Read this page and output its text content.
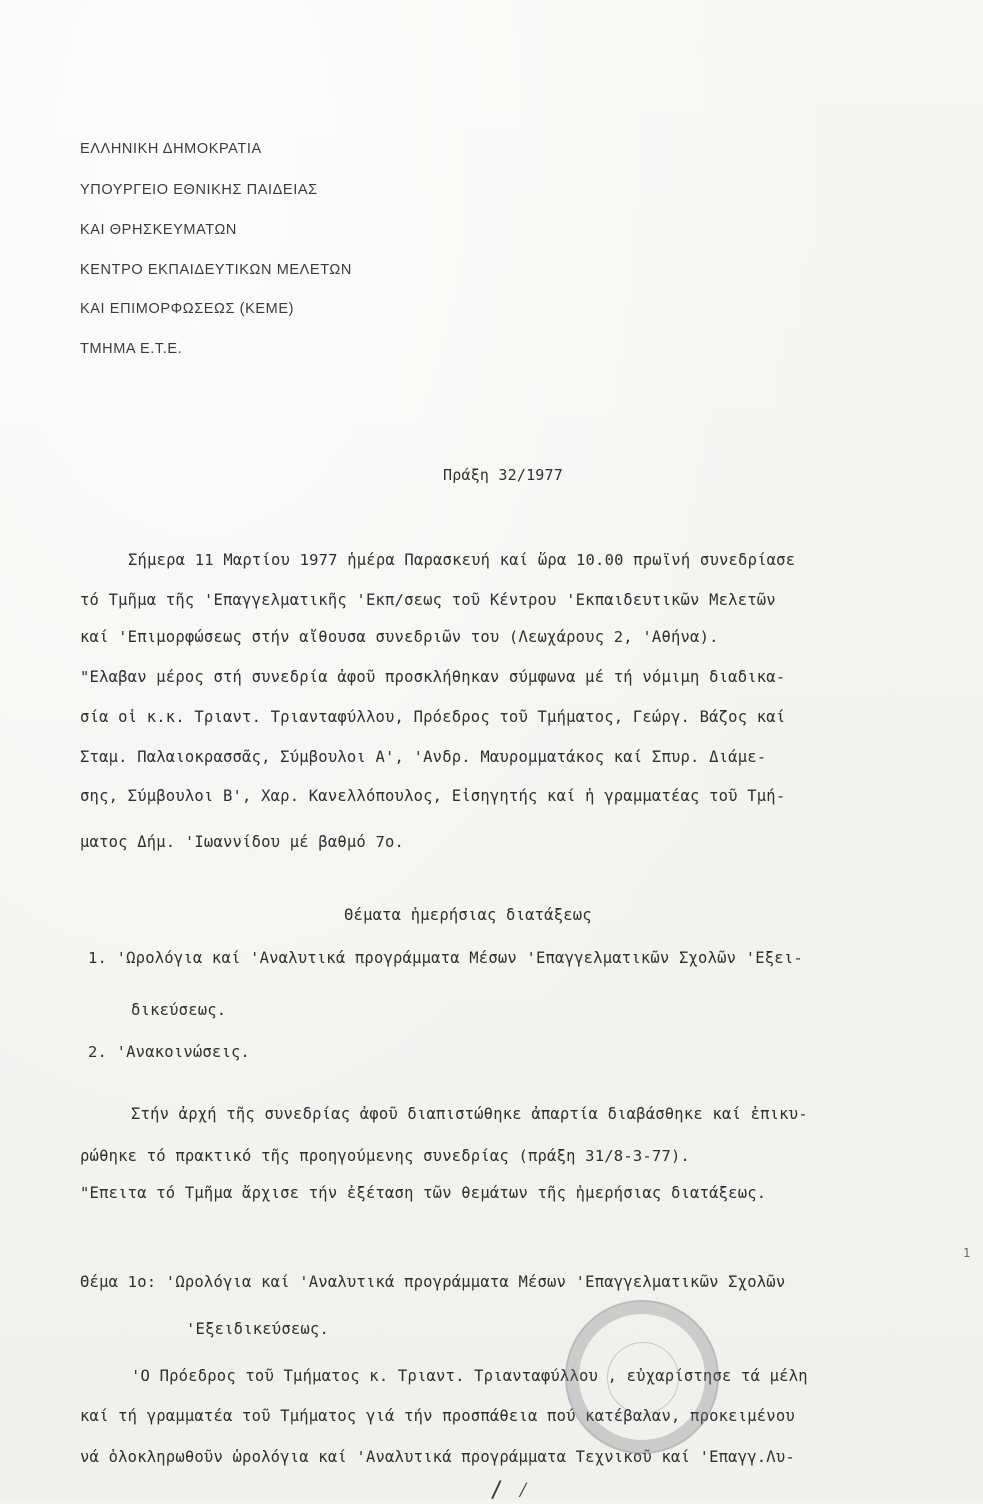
ΕΛΛΗΝΙΚΗ ΔΗΜΟΚΡΑΤΙΑ
ΥΠΟΥΡΓΕΙΟ ΕΘΝΙΚΗΣ ΠΑΙΔΕΙΑΣ
ΚΑΙ ΘΡΗΣΚΕΥΜΑΤΩΝ
ΚΕΝΤΡΟ ΕΚΠΑΙΔΕΥΤΙΚΩΝ ΜΕΛΕΤΩΝ
ΚΑΙ ΕΠΙΜΟΡΦΩΣΕΩΣ (ΚΕΜΕ)
ΤΜΗΜΑ Ε.Τ.Ε.
Πράξη 32/1977
Σήμερα 11 Μαρτίου 1977 ἡμέρα Παρασκευή καί ὥρα 10.00 πρωϊνή συνεδρίασε
τό Τμῆμα τῆς 'Επαγγελματικῆς 'Εκπ/σεως τοῦ Κέντρου 'Εκπαιδευτικῶν Μελετῶν
καί 'Επιμορφώσεως στήν αἴθουσα συνεδριῶν του (Λεωχάρους 2, 'Αθήνα).
"Ελαβαν μέρος στή συνεδρία ἀφοῦ προσκλήθηκαν σύμφωνα μέ τή νόμιμη διαδικα-
σία οἱ κ.κ. Τριαντ. Τριανταφύλλου, Πρόεδρος τοῦ Τμήματος, Γεώργ. Βάζος καί
Σταμ. Παλαιοκρασσᾶς, Σύμβουλοι Α', 'Ανδρ. Μαυρομματάκος καί Σπυρ. Διάμε-
σης, Σύμβουλοι Β', Χαρ. Κανελλόπουλος, Εἰσηγητής καί ἡ γραμματέας τοῦ Τμή-
ματος Δήμ. 'Ιωαννίδου μέ βαθμό 7ο.
Θέματα ἡμερήσιας διατάξεως
1. 'Ωρολόγια καί 'Αναλυτικά προγράμματα Μέσων 'Επαγγελματικῶν Σχολῶν 'Εξει-
δικεύσεως.
2. 'Ανακοινώσεις.
Στήν ἀρχή τῆς συνεδρίας ἀφοῦ διαπιστώθηκε ἀπαρτία διαβάσθηκε καί ἐπικυ-
ρώθηκε τό πρακτικό τῆς προηγούμενης συνεδρίας (πράξη 31/8-3-77).
"Επειτα τό Τμῆμα ἄρχισε τήν ἐξέταση τῶν θεμάτων τῆς ἡμερήσιας διατάξεως.
Θέμα 1ο: 'Ωρολόγια καί 'Αναλυτικά προγράμματα Μέσων 'Επαγγελματικῶν Σχολῶν
'Εξειδικεύσεως.
'Ο Πρόεδρος τοῦ Τμήματος κ. Τριαντ. Τριανταφύλλου , εὐχαρίστησε τά μέλη
καί τή γραμματέα τοῦ Τμήματος γιά τήν προσπάθεια πού κατέβαλαν, προκειμένου
νά ὁλοκληρωθοῦν ὡρολόγια καί 'Αναλυτικά προγράμματα Τεχνικοῦ καί 'Επαγγ.Λυ-
1
/ ⁄
